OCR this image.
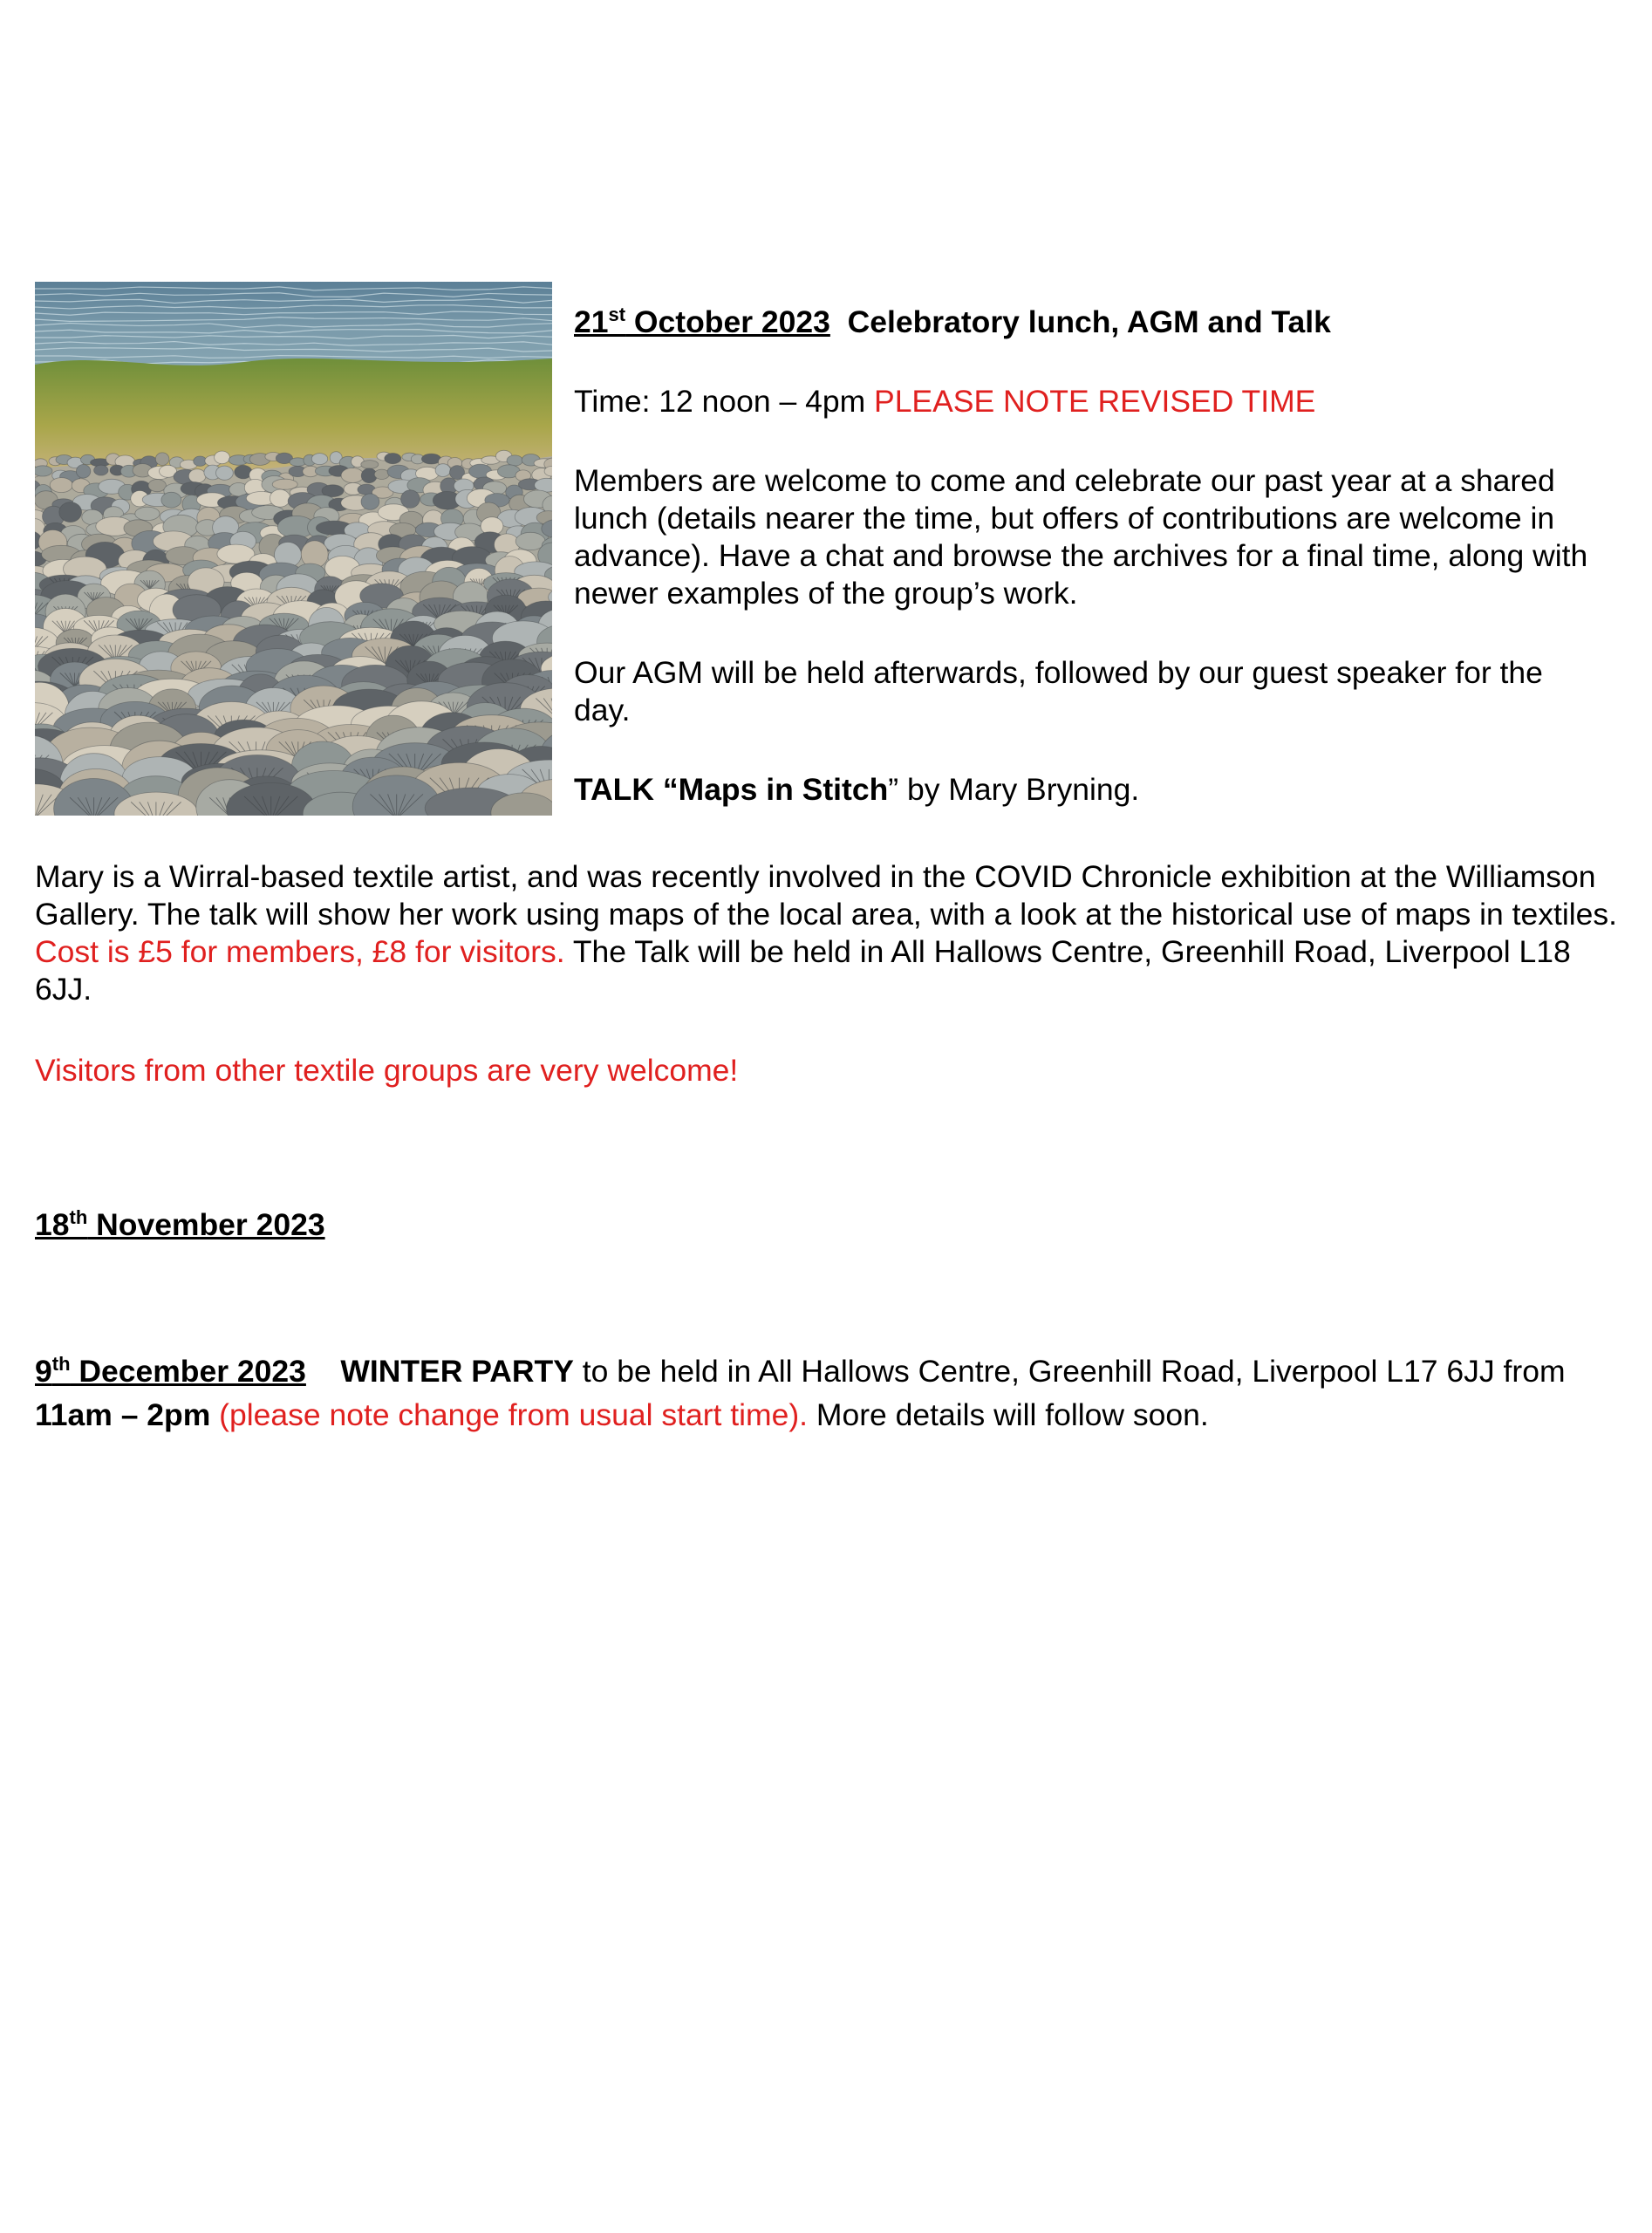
21st October 2023 Celebratory lunch, AGM and Talk

Time: 12 noon – 4pm PLEASE NOTE REVISED TIME

Members are welcome to come and celebrate our past year at a shared lunch (details nearer the time, but offers of contributions are welcome in advance). Have a chat and browse the archives for a final time, along with newer examples of the group’s work.

Our AGM will be held afterwards, followed by our guest speaker for the day.

TALK “Maps in Stitch” by Mary Bryning.

Mary is a Wirral-based textile artist, and was recently involved in the COVID Chronicle exhibition at the Williamson Gallery. The talk will show her work using maps of the local area, with a look at the historical use of maps in textiles. Cost is £5 for members, £8 for visitors. The Talk will be held in All Hallows Centre, Greenhill Road, Liverpool L18 6JJ.

Visitors from other textile groups are very welcome!

18th November 2023

9th December 2023 WINTER PARTY to be held in All Hallows Centre, Greenhill Road, Liverpool L17 6JJ from 11am – 2pm (please note change from usual start time). More details will follow soon.
